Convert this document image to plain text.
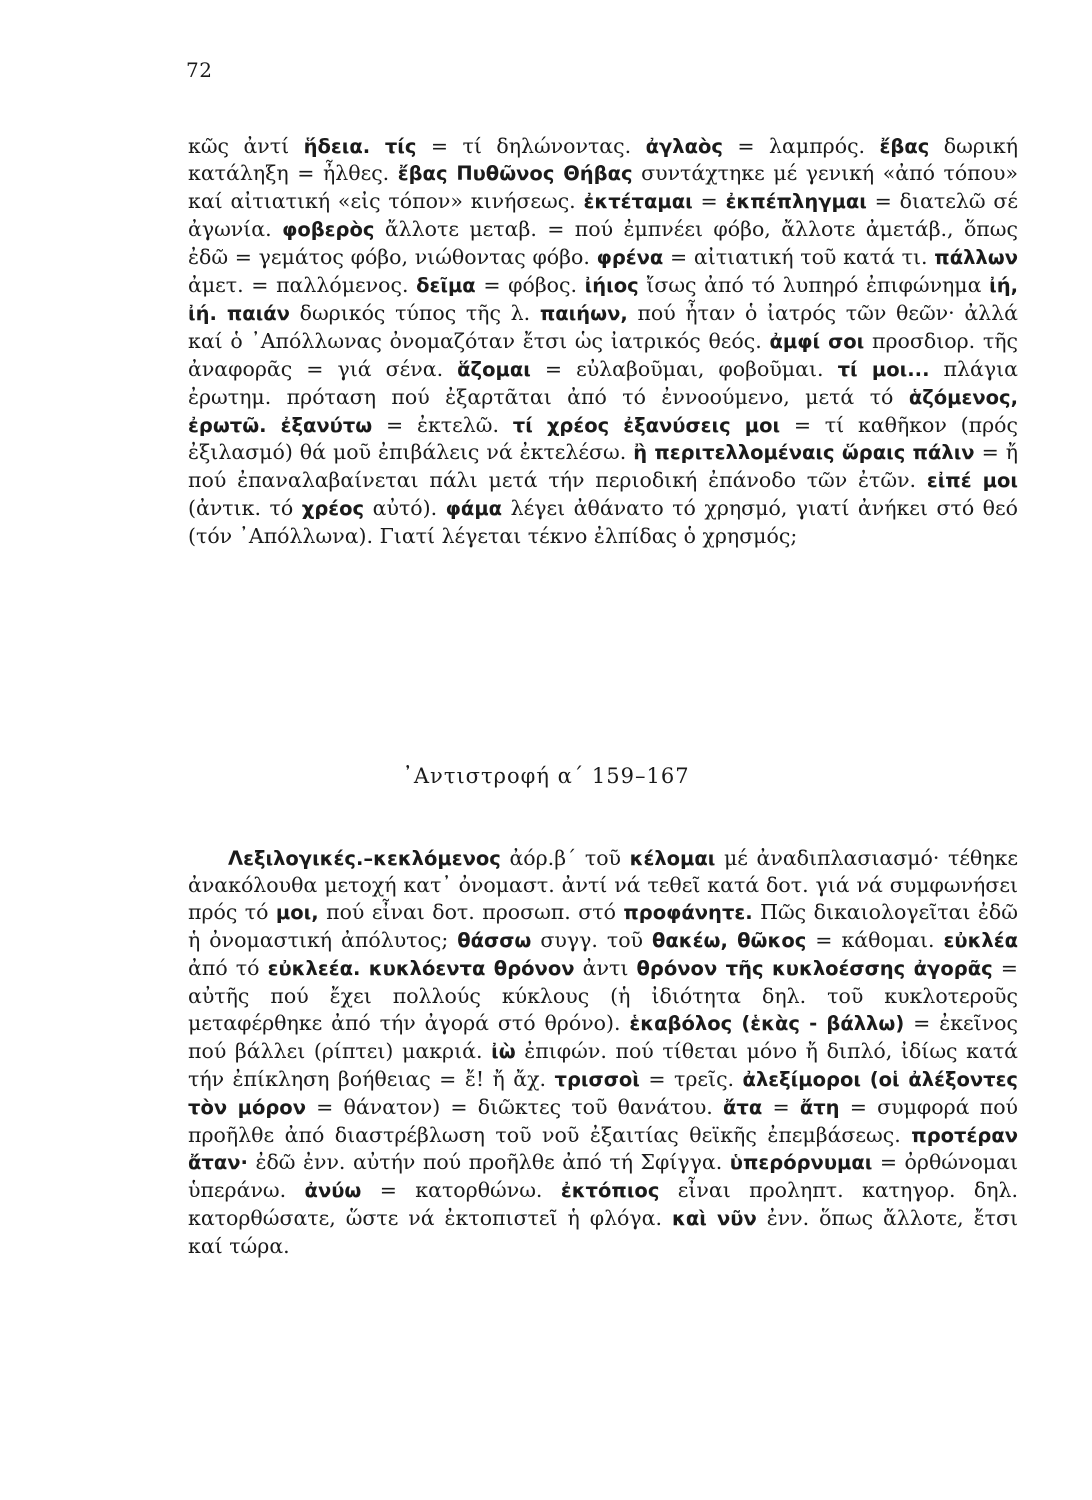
72

κῶς ἀντί ἥδεια. τίς = τί δηλώνοντας. ἀγλαὸς = λαμπρός. ἔβας δωρική κατάληξη = ἦλθες. ἔβας Πυθῶνος Θήβας συντάχτηκε μέ γενική «ἀπό τόπου» καί αἰτιατική «εἰς τόπον» κινήσεως. ἐκτέταμαι = ἐκπέπληγμαι = διατελῶ σέ ἀγωνία. φοβερὸς ἄλλοτε μεταβ. = πού ἐμπνέει φόβο, ἄλλοτε ἀμετάβ., ὅπως ἐδῶ = γεμάτος φόβο, νιώθοντας φόβο. φρένα = αἰτιατική τοῦ κατά τι. πάλλων ἀμετ. = παλλόμενος. δεῖμα = φόβος. ἰήιος ἴσως ἀπό τό λυπηρό ἐπιφώνημα ἰή, ἰή. παιάν δωρικός τύπος τῆς λ. παιήων, πού ἦταν ὁ ἰατρός τῶν θεῶν· ἀλλά καί ὁ ᾿Απόλλωνας ὀνομαζόταν ἔτσι ὡς ἰατρικός θεός. ἀμφί σοι προσδιορ. τῆς ἀναφορᾶς = γιά σένα. ἅζομαι = εὐλαβοῦμαι, φοβοῦμαι. τί μοι... πλάγια ἐρωτημ. πρόταση πού ἐξαρτᾶται ἀπό τό ἐννοούμενο, μετά τό ἁζόμενος, ἐρωτῶ. ἐξανύτω = ἐκτελῶ. τί χρέος ἐξανύσεις μοι = τί καθῆκον (πρός ἐξιλασμό) θά μοῦ ἐπιβάλεις νά ἐκτελέσω. ἢ περιτελλομέναις ὥραις πάλιν = ἤ πού ἐπαναλαβαίνεται πάλι μετά τήν περιοδική ἐπάνοδο τῶν ἐτῶν. εἰπέ μοι (ἀντικ. τό χρέος αὐτό). φάμα λέγει ἀθάνατο τό χρησμό, γιατί ἀνήκει στό θεό (τόν ᾿Απόλλωνα). Γιατί λέγεται τέκνο ἐλπίδας ὁ χρησμός;

᾿Αντιστροφή α΄ 159–167

Λεξιλογικές.–κεκλόμενος ἀόρ.β΄ τοῦ κέλομαι μέ ἀναδιπλασιασμό· τέθηκε ἀνακόλουθα μετοχή κατ᾿ ὀνομαστ. ἀντί νά τεθεῖ κατά δοτ. γιά νά συμφωνήσει πρός τό μοι, πού εἶναι δοτ. προσωπ. στό προφάνητε. Πῶς δικαιολογεῖται ἐδῶ ἡ ὀνομαστική ἀπόλυτος; θάσσω συγγ. τοῦ θακέω, θῶκος = κάθομαι. εὐκλέα ἀπό τό εὐκλεέα. κυκλόεντα θρόνον ἀντι θρόνον τῆς κυκλοέσσης ἀγορᾶς = αὐτῆς πού ἔχει πολλούς κύκλους (ἡ ἰδιότητα δηλ. τοῦ κυκλοτεροῦς μεταφέρθηκε ἀπό τήν ἀγορά στό θρόνο). ἑκαβόλος (ἑκὰς - βάλλω) = ἐκεῖνος πού βάλλει (ρίπτει) μακριά. ἰὼ ἐπιφών. πού τίθεται μόνο ἤ διπλό, ἰδίως κατά τήν ἐπίκληση βοήθειας = ἔ! ἤ ἄχ. τρισσοὶ = τρεῖς. ἀλεξίμοροι (οἱ ἀλέξοντες τὸν μόρον = θάνατον) = διῶκτες τοῦ θανάτου. ἄτα = ἄτη = συμφορά πού προῆλθε ἀπό διαστρέβλωση τοῦ νοῦ ἐξαιτίας θεϊκῆς ἐπεμβάσεως. προτέραν ἄταν· ἐδῶ ἐνν. αὐτήν πού προῆλθε ἀπό τή Σφίγγα. ὑπερόρνυμαι = ὀρθώνομαι ὑπεράνω. ἀνύω = κατορθώνω. ἐκτόπιος εἶναι προληπτ. κατηγορ. δηλ. κατορθώσατε, ὥστε νά ἐκτοπιστεῖ ἡ φλόγα. καὶ νῦν ἐνν. ὅπως ἄλλοτε, ἔτσι καί τώρα.
